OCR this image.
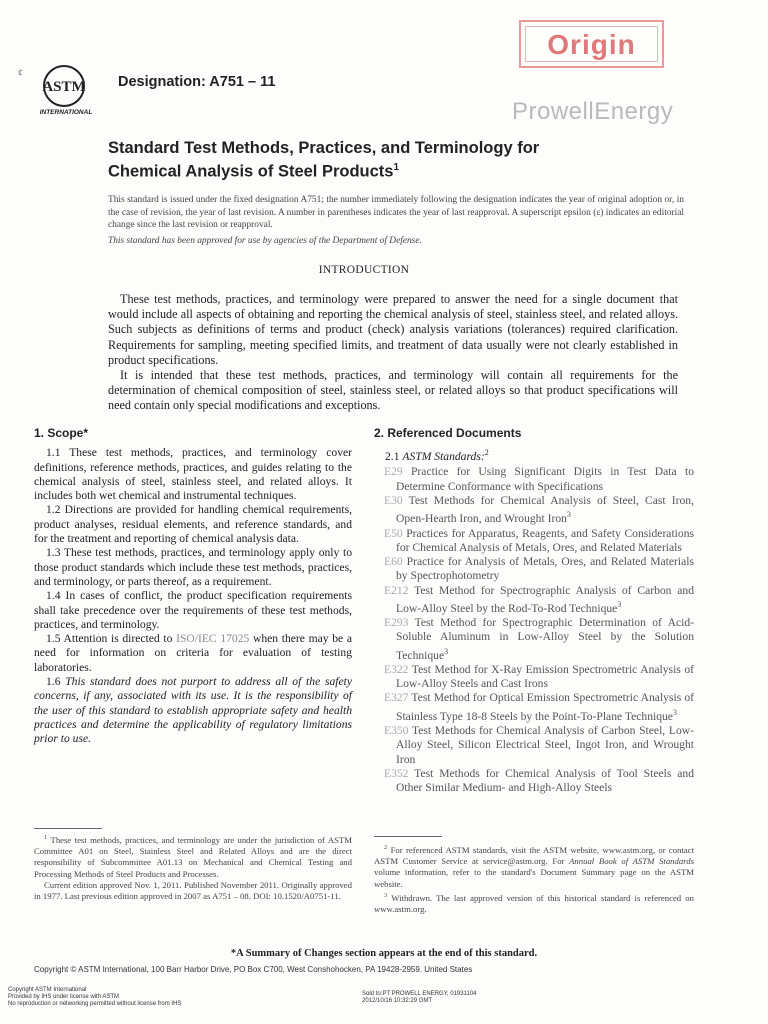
¢
ASTM
INTERNATIONAL
Designation: A751 – 11
Origin
ProwellEnergy
Standard Test Methods, Practices, and Terminology for
Chemical Analysis of Steel Products$^1$
This standard is issued under the fixed designation A751; the number immediately following the designation indicates the year of original adoption or, in the case of revision, the year of last revision. A number in parentheses indicates the year of last reapproval. A superscript epsilon (ε) indicates an editorial change since the last revision or reapproval.
This standard has been approved for use by agencies of the Department of Defense.
INTRODUCTION

These test methods, practices, and terminology were prepared to answer the need for a single document that would include all aspects of obtaining and reporting the chemical analysis of steel, stainless steel, and related alloys. Such subjects as definitions of terms and product (check) analysis variations (tolerances) required clarification. Requirements for sampling, meeting specified limits, and treatment of data usually were not clearly established in product specifications.

It is intended that these test methods, practices, and terminology will contain all requirements for the determination of chemical composition of steel, stainless steel, or related alloys so that product specifications will need contain only special modifications and exceptions.

1. Scope*

1.1 These test methods, practices, and terminology cover definitions, reference methods, practices, and guides relating to the chemical analysis of steel, stainless steel, and related alloys. It includes both wet chemical and instrumental techniques.

1.2 Directions are provided for handling chemical requirements, product analyses, residual elements, and reference standards, and for the treatment and reporting of chemical analysis data.

1.3 These test methods, practices, and terminology apply only to those product standards which include these test methods, practices, and terminology, or parts thereof, as a requirement.

1.4 In cases of conflict, the product specification requirements shall take precedence over the requirements of these test methods, practices, and terminology.

1.5 Attention is directed to ISO/IEC 17025 when there may be a need for information on criteria for evaluation of testing laboratories.

1.6 This standard does not purport to address all of the safety concerns, if any, associated with its use. It is the responsibility of the user of this standard to establish appropriate safety and health practices and determine the applicability of regulatory limitations prior to use.

2. Referenced Documents
2.1 ASTM Standards:$^2$
E29 Practice for Using Significant Digits in Test Data to Determine Conformance with Specifications
E30 Test Methods for Chemical Analysis of Steel, Cast Iron, Open-Hearth Iron, and Wrought Iron$^3$
E50 Practices for Apparatus, Reagents, and Safety Considerations for Chemical Analysis of Metals, Ores, and Related Materials
E60 Practice for Analysis of Metals, Ores, and Related Materials by Spectrophotometry
E212 Test Method for Spectrographic Analysis of Carbon and Low-Alloy Steel by the Rod-To-Rod Technique$^3$
E293 Test Method for Spectrographic Determination of Acid-Soluble Aluminum in Low-Alloy Steel by the Solution Technique$^3$
E322 Test Method for X-Ray Emission Spectrometric Analysis of Low-Alloy Steels and Cast Irons
E327 Test Method for Optical Emission Spectrometric Analysis of Stainless Type 18-8 Steels by the Point-To-Plane Technique$^3$
E350 Test Methods for Chemical Analysis of Carbon Steel, Low-Alloy Steel, Silicon Electrical Steel, Ingot Iron, and Wrought Iron
E352 Test Methods for Chemical Analysis of Tool Steels and Other Similar Medium- and High-Alloy Steels

$^1$ These test methods, practices, and terminology are under the jurisdiction of ASTM Committee A01 on Steel, Stainless Steel and Related Alloys and are the direct responsibility of Subcommittee A01.13 on Mechanical and Chemical Testing and Processing Methods of Steel Products and Processes.

Current edition approved Nov. 1, 2011. Published November 2011. Originally approved in 1977. Last previous edition approved in 2007 as A751 – 08. DOI: 10.1520/A0751-11.

$^2$ For referenced ASTM standards, visit the ASTM website, www.astm.org, or contact ASTM Customer Service at service@astm.org. For Annual Book of ASTM Standards volume information, refer to the standard's Document Summary page on the ASTM website.

$^3$ Withdrawn. The last approved version of this historical standard is referenced on www.astm.org.

*A Summary of Changes section appears at the end of this standard.
Copyright © ASTM International, 100 Barr Harbor Drive, PO Box C700, West Conshohocken, PA 19428-2959. United States
Copyright ASTM International
Provided by IHS under license with ASTM
No reproduction or networking permitted without license from IHS
Sold to:PT PROWELL ENERGY, 01931104
2012/10/16 10:32:29 GMT
